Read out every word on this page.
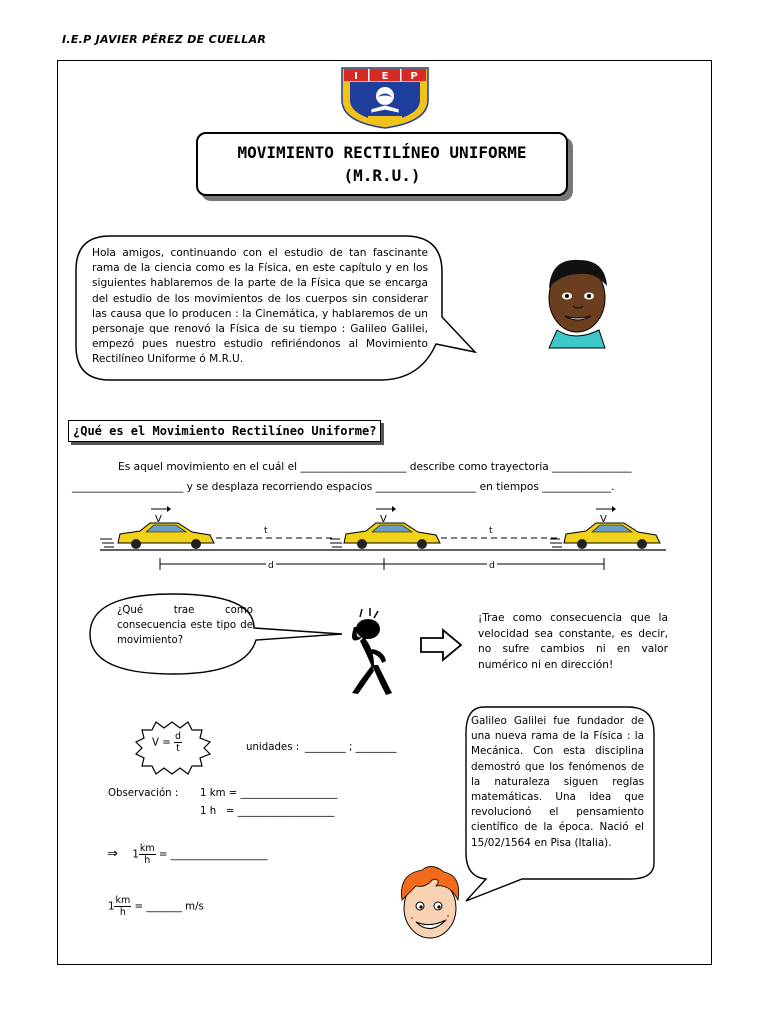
I.E.P JAVIER PÉREZ DE CUELLAR
I E P
MOVIMIENTO RECTILÍNEO UNIFORME
(M.R.U.)
Hola amigos, continuando con el estudio de tan fascinante rama de la ciencia como es la Física, en este capítulo y en los siguientes hablaremos de la parte de la Física que se encarga del estudio de los movimientos de los cuerpos sin considerar las causa que lo producen : la Cinemática, y hablaremos de un personaje que renovó la Física de su tiempo : Galileo Galilei, empezó pues nuestro estudio refiriéndonos al Movimiento Rectilíneo Uniforme ó M.R.U.
¿Qué es el Movimiento Rectilíneo Uniforme?
Es aquel movimiento en el cuál el ____________________ describe como trayectoria _______________
_____________________ y se desplaza recorriendo espacios ___________________ en tiempos _____________.
t	t
V	V	V
d	d
¿Qué trae como consecuencia este tipo de movimiento?
¡Trae como consecuencia que la velocidad sea constante, es decir, no sufre cambios ni en valor numérico ni en dirección!
$V = \frac{d}{t}$	unidades : ________ ; ________
Observación : 1 km = ___________________
1 h   = ___________________
⇒ $1 \frac{km}{h}$ = ___________________
$1 \frac{km}{h}$ = _______ m/s
Galileo Galilei fue fundador de una nueva rama de la Física : la Mecánica. Con esta disciplina demostró que los fenómenos de la naturaleza siguen reglas matemáticas. Una idea que revolucionó el pensamiento científico de la época. Nació el 15/02/1564 en Pisa (Italia).
